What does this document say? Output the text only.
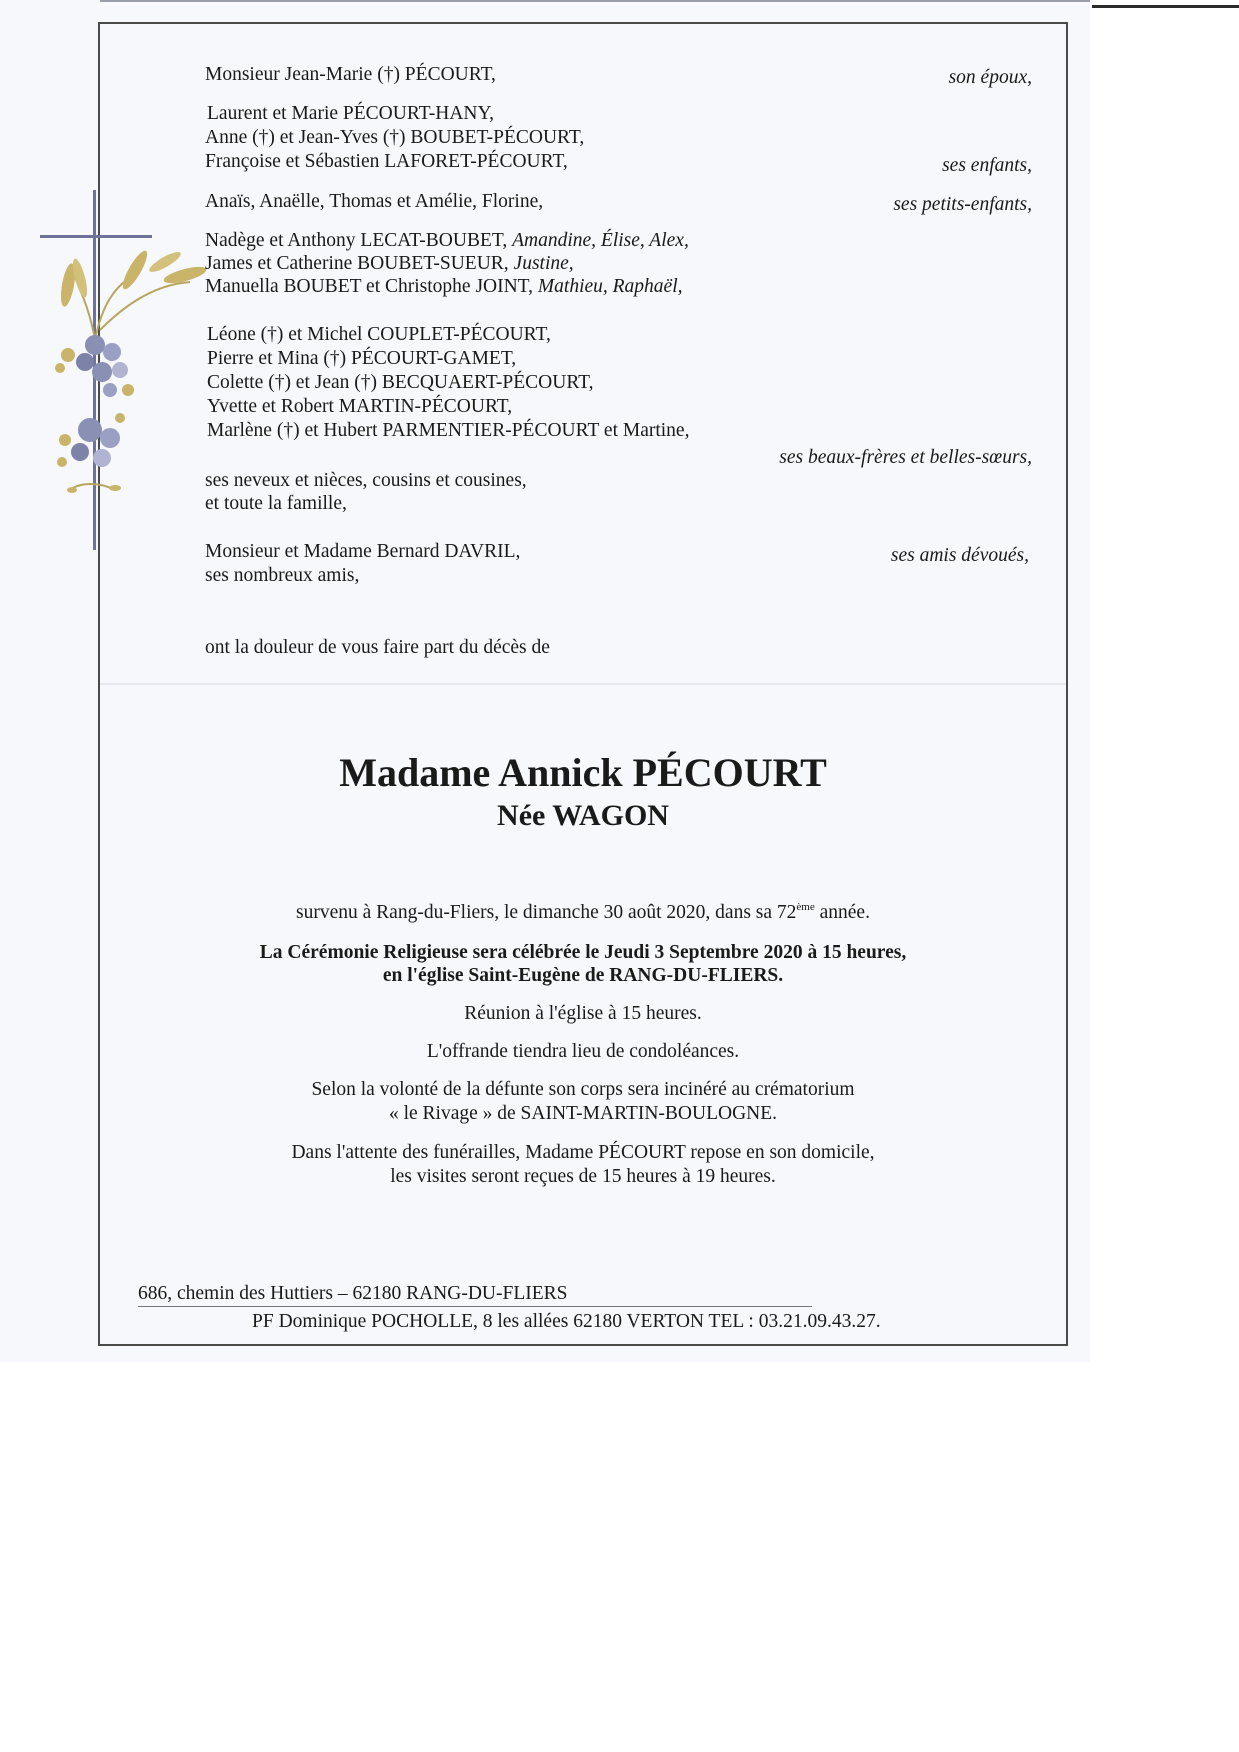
Monsieur Jean-Marie (†) PÉCOURT,	son époux,
Laurent et Marie PÉCOURT-HANY,
Anne (†) et Jean-Yves (†) BOUBET-PÉCOURT,
Françoise et Sébastien LAFORET-PÉCOURT,	ses enfants,
Anaïs, Anaëlle, Thomas et Amélie, Florine,	ses petits-enfants,
Nadège et Anthony LECAT-BOUBET, Amandine, Élise, Alex,
James et Catherine BOUBET-SUEUR, Justine,
Manuella BOUBET et Christophe JOINT, Mathieu, Raphaël,
Léone (†) et Michel COUPLET-PÉCOURT,
Pierre et Mina (†) PÉCOURT-GAMET,
Colette (†) et Jean (†) BECQUAERT-PÉCOURT,
Yvette et Robert MARTIN-PÉCOURT,
Marlène (†) et Hubert PARMENTIER-PÉCOURT et Martine,
ses beaux-frères et belles-sœurs,
ses neveux et nièces, cousins et cousines,
et toute la famille,
Monsieur et Madame Bernard DAVRIL,
ses nombreux amis,
ses amis dévoués,
ont la douleur de vous faire part du décès de
Madame Annick PÉCOURT
Née WAGON
survenu à Rang-du-Fliers, le dimanche 30 août 2020, dans sa 72ème année.
La Cérémonie Religieuse sera célébrée le Jeudi 3 Septembre 2020 à 15 heures,
en l'église Saint-Eugène de RANG-DU-FLIERS.
Réunion à l'église à 15 heures.
L'offrande tiendra lieu de condoléances.
Selon la volonté de la défunte son corps sera incinéré au crématorium
« le Rivage » de SAINT-MARTIN-BOULOGNE.
Dans l'attente des funérailles, Madame PÉCOURT repose en son domicile,
les visites seront reçues de 15 heures à 19 heures.
686, chemin des Huttiers – 62180 RANG-DU-FLIERS
PF Dominique POCHOLLE, 8 les allées 62180 VERTON TEL : 03.21.09.43.27.
